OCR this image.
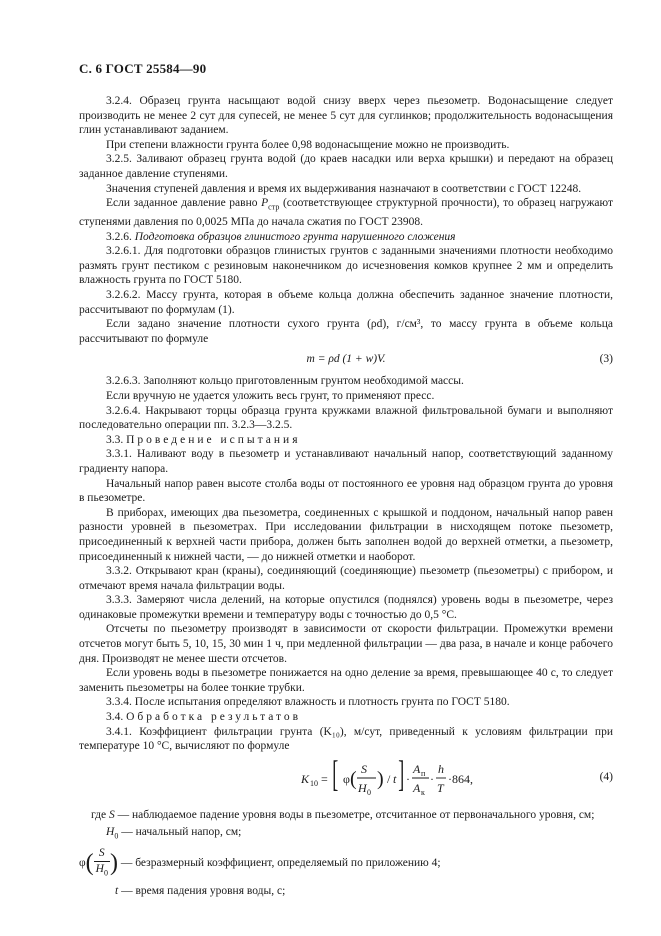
С. 6 ГОСТ 25584—90

3.2.4. Образец грунта насыщают водой снизу вверх через пьезометр. Водонасыщение следует производить не менее 2 сут для супесей, не менее 5 сут для суглинков; продолжительность водонасыщения глин устанавливают заданием.

При степени влажности грунта более 0,98 водонасыщение можно не производить.

3.2.5. Заливают образец грунта водой (до краев насадки или верха крышки) и передают на образец заданное давление ступенями.

Значения ступеней давления и время их выдерживания назначают в соответствии с ГОСТ 12248.

Если заданное давление равно $P_{стр}$ (соответствующее структурной прочности), то образец нагружают ступенями давления по 0,0025 МПа до начала сжатия по ГОСТ 23908.

3.2.6. Подготовка образцов глинистого грунта нарушенного сложения

3.2.6.1. Для подготовки образцов глинистых грунтов с заданными значениями плотности необходимо размять грунт пестиком с резиновым наконечником до исчезновения комков крупнее 2 мм и определить влажность грунта по ГОСТ 5180.

3.2.6.2. Массу грунта, которая в объеме кольца должна обеспечить заданное значение плотности, рассчитывают по формулам (1).

Если задано значение плотности сухого грунта (ρd), г/см³, то массу грунта в объеме кольца рассчитывают по формуле

m = ρd (1 + w)V.	(3)

3.2.6.3. Заполняют кольцо приготовленным грунтом необходимой массы.

Если вручную не удается уложить весь грунт, то применяют пресс.

3.2.6.4. Накрывают торцы образца грунта кружками влажной фильтровальной бумаги и выполняют последовательно операции пп. 3.2.3—3.2.5.

3.3. Проведение испытания

3.3.1. Наливают воду в пьезометр и устанавливают начальный напор, соответствующий заданному градиенту напора.

Начальный напор равен высоте столба воды от постоянного ее уровня над образцом грунта до уровня в пьезометре.

В приборах, имеющих два пьезометра, соединенных с крышкой и поддоном, начальный напор равен разности уровней в пьезометрах. При исследовании фильтрации в нисходящем потоке пьезометр, присоединенный к верхней части прибора, должен быть заполнен водой до верхней отметки, а пьезометр, присоединенный к нижней части, — до нижней отметки и наоборот.

3.3.2. Открывают кран (краны), соединяющий (соединяющие) пьезометр (пьезометры) с прибором, и отмечают время начала фильтрации воды.

3.3.3. Замеряют числа делений, на которые опустился (поднялся) уровень воды в пьезометре, через одинаковые промежутки времени и температуру воды с точностью до 0,5 °С.

Отсчеты по пьезометру производят в зависимости от скорости фильтрации. Промежутки времени отсчетов могут быть 5, 10, 15, 30 мин 1 ч, при медленной фильтрации — два раза, в начале и конце рабочего дня. Производят не менее шести отсчетов.

Если уровень воды в пьезометре понижается на одно деление за время, превышающее 40 с, то следует заменить пьезометры на более тонкие трубки.

3.3.4. После испытания определяют влажность и плотность грунта по ГОСТ 5180.

3.4. Обработка результатов

3.4.1. Коэффициент фильтрации грунта (K₁₀), м/сут, приведенный к условиям фильтрации при температуре 10 °С, вычисляют по формуле

K 10 = [ φ ( S
H 0
) / t ] ·
A п
A к
·
h
T
·864,	(4)
где S — наблюдаемое падение уровня воды в пьезометре, отсчитанное от первоначального уровня, см;
$H_0$ — начальный напор, см;
$\varphi( \frac{S}{H_0}$ ) — безразмерный коэффициент, определяемый по приложению 4;
t — время падения уровня воды, с;
